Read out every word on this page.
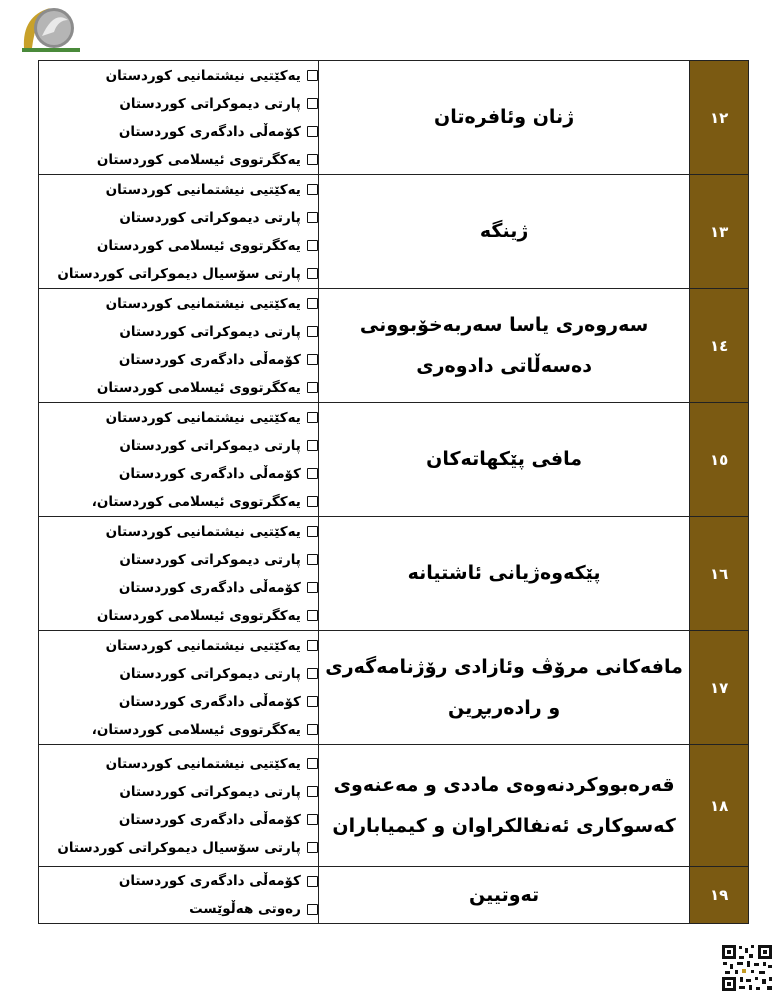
١٢	ژنان وئافرەتان	یەکێتیی نیشتمانیی کوردستان
پارتی دیموکراتی کوردستان
کۆمەڵی دادگەری کوردستان
یەکگرتووی ئیسلامی کوردستان

١٣	ژینگە	یەکێتیی نیشتمانیی کوردستان
پارتی دیموکراتی کوردستان
یەکگرتووی ئیسلامی کوردستان
پارتی سۆسیال دیموکراتی کوردستان

١٤	سەروەری یاسا سەربەخۆبوونی دەسەڵاتی دادوەری	یەکێتیی نیشتمانیی کوردستان
پارتی دیموکراتی کوردستان
کۆمەڵی دادگەری کوردستان
یەکگرتووی ئیسلامی کوردستان

١٥	مافی پێکهاتەکان	یەکێتیی نیشتمانیی کوردستان
پارتی دیموکراتی کوردستان
کۆمەڵی دادگەری کوردستان
یەکگرتووی ئیسلامی کوردستان،

١٦	پێکەوەژیانی ئاشتیانە	یەکێتیی نیشتمانیی کوردستان
پارتی دیموکراتی کوردستان
کۆمەڵی دادگەری کوردستان
یەکگرتووی ئیسلامی کوردستان

١٧	مافەکانی مرۆڤ وئازادی رۆژنامەگەری و رادەربڕین	یەکێتیی نیشتمانیی کوردستان
پارتی دیموکراتی کوردستان
کۆمەڵی دادگەری کوردستان
یەکگرتووی ئیسلامی کوردستان،

١٨	قەرەبووکردنەوەی ماددی و مەعنەوی کەسوکاری ئەنفالکراوان و کیمیاباران	یەکێتیی نیشتمانیی کوردستان
پارتی دیموکراتی کوردستان
کۆمەڵی دادگەری کوردستان
پارتی سۆسیال دیموکراتی کوردستان

١٩	تەوتیین	کۆمەڵی دادگەری کوردستان
رەوتی هەڵوێست
